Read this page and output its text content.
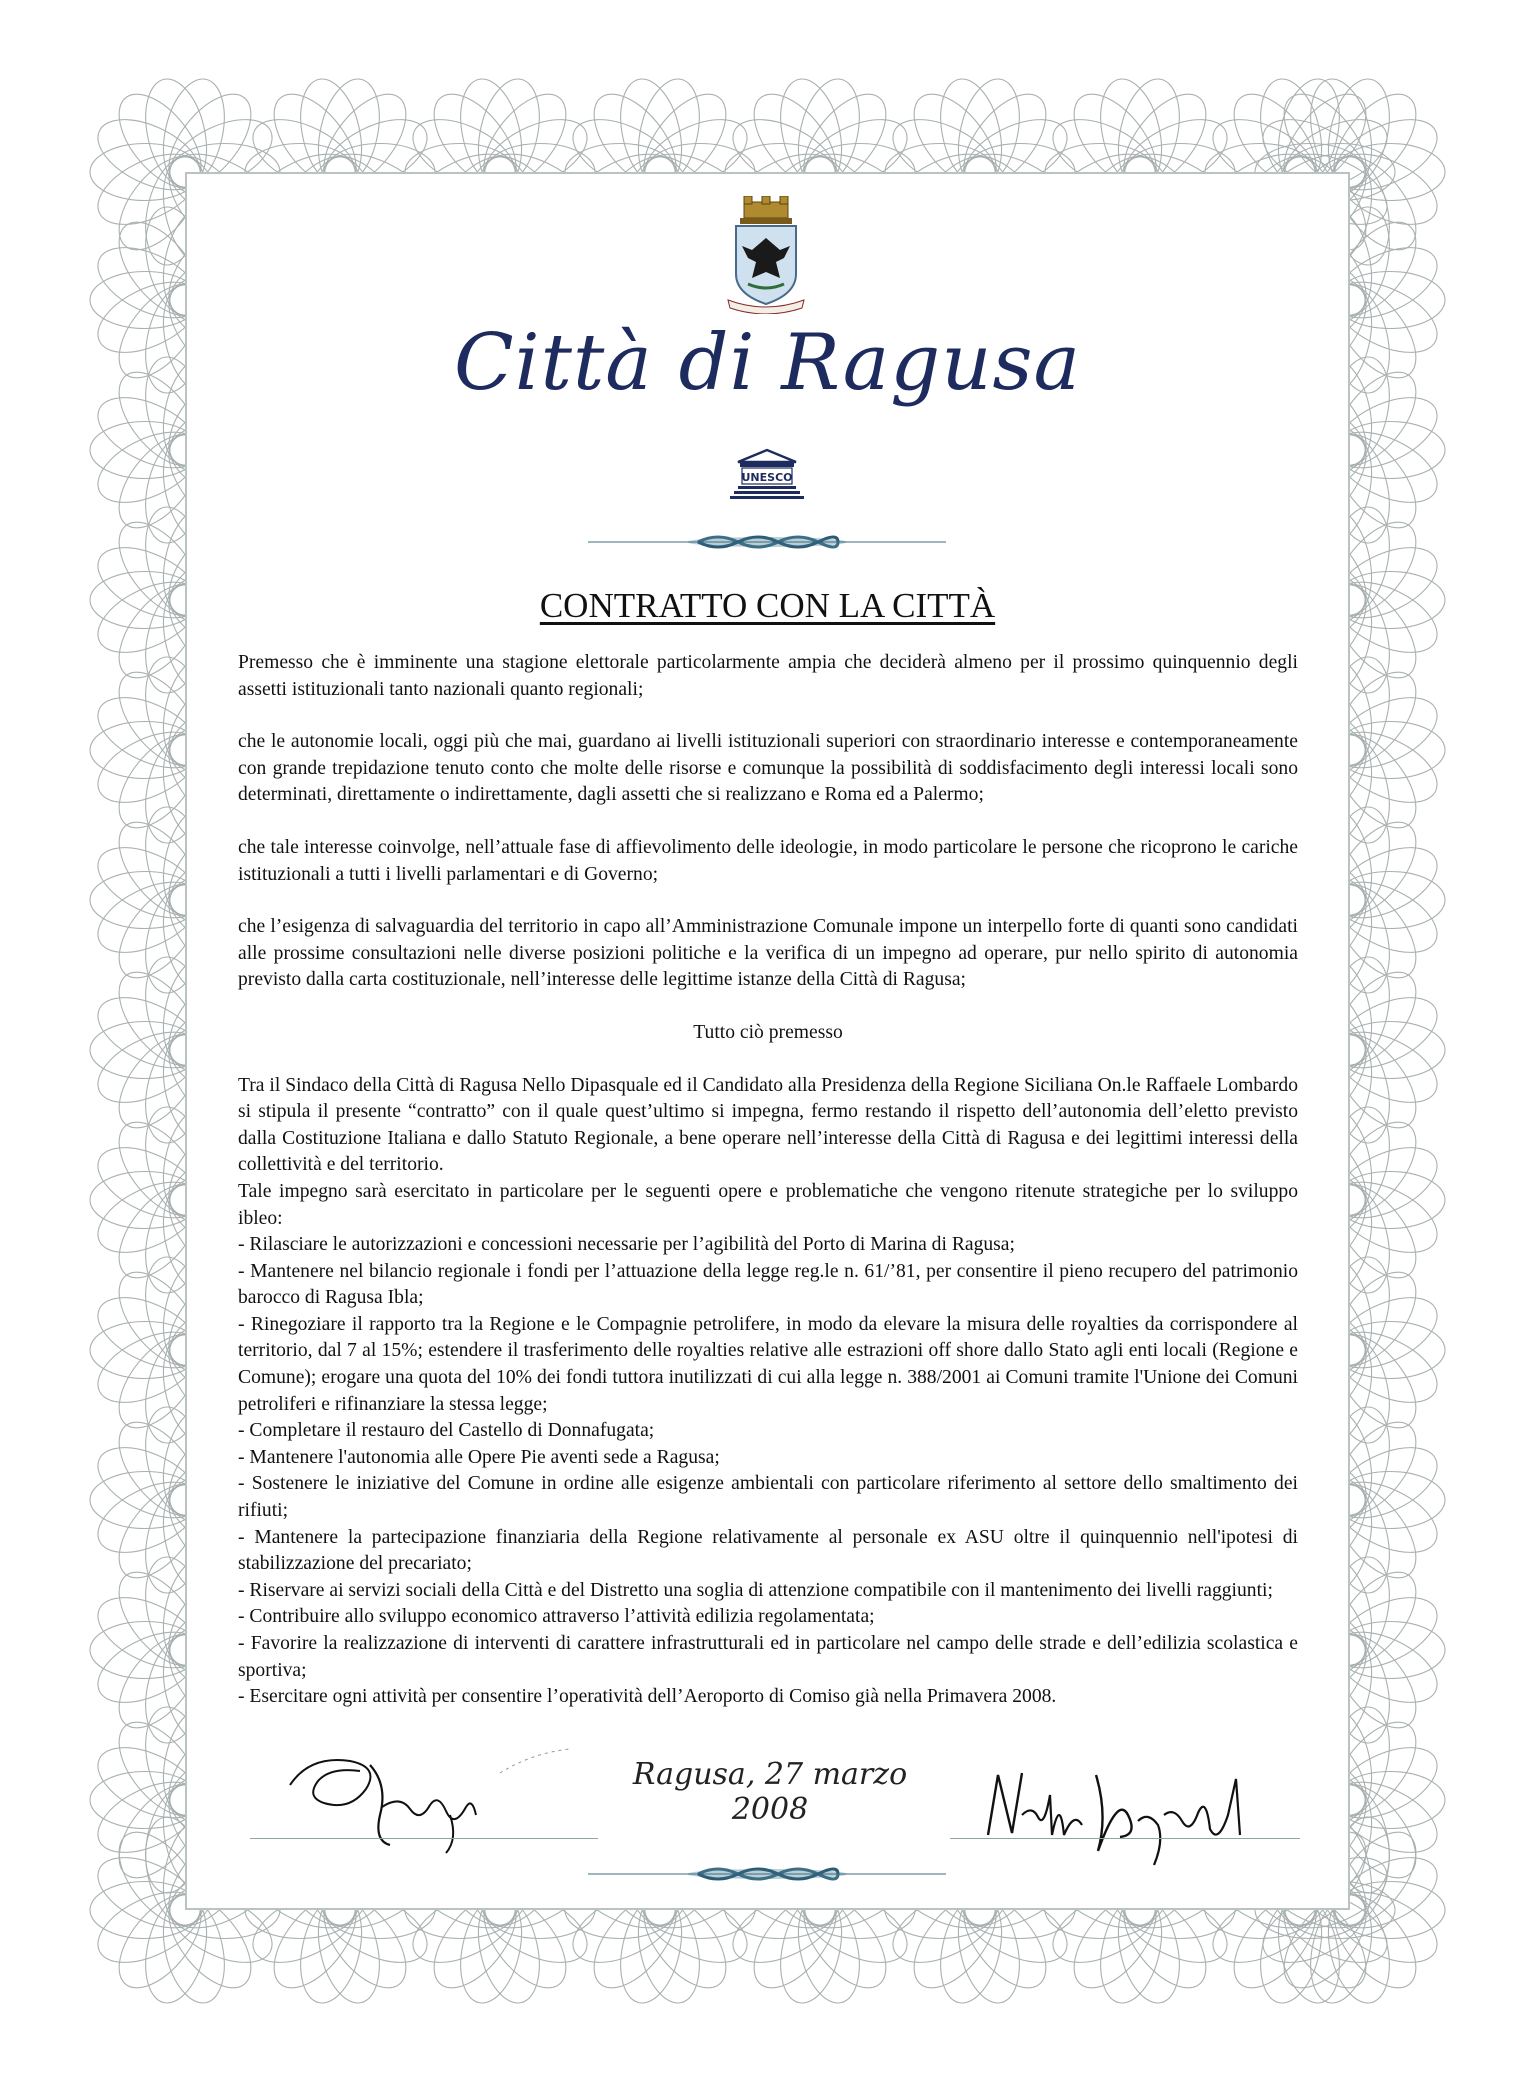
Città di Ragusa
UNESCO
CONTRATTO CON LA CITTÀ

Premesso che è imminente una stagione elettorale particolarmente ampia che deciderà almeno per il prossimo quinquennio degli assetti istituzionali tanto nazionali quanto regionali;

che le autonomie locali, oggi più che mai, guardano ai livelli istituzionali superiori con straordinario interesse e contemporaneamente con grande trepidazione tenuto conto che molte delle risorse e comunque la possibilità di soddisfacimento degli interessi locali sono determinati, direttamente o indirettamente, dagli assetti che si realizzano e Roma ed a Palermo;

che tale interesse coinvolge, nell’attuale fase di affievolimento delle ideologie, in modo particolare le persone che ricoprono le cariche istituzionali a tutti i livelli parlamentari e di Governo;

che l’esigenza di salvaguardia del territorio in capo all’Amministrazione Comunale impone un interpello forte di quanti sono candidati alle prossime consultazioni nelle diverse posizioni politiche e la verifica di un impegno ad operare, pur nello spirito di autonomia previsto dalla carta costituzionale, nell’interesse delle legittime istanze della Città di Ragusa;

Tutto ciò premesso

Tra il Sindaco della Città di Ragusa Nello Dipasquale ed il Candidato alla Presidenza della Regione Siciliana On.le Raffaele Lombardo si stipula il presente “contratto” con il quale quest’ultimo si impegna, fermo restando il rispetto dell’autonomia dell’eletto previsto dalla Costituzione Italiana e dallo Statuto Regionale, a bene operare nell’interesse della Città di Ragusa e dei legittimi interessi della collettività e del territorio.
Tale impegno sarà esercitato in particolare per le seguenti opere e problematiche che vengono ritenute strategiche per lo sviluppo ibleo:
- Rilasciare le autorizzazioni e concessioni necessarie per l’agibilità del Porto di Marina di Ragusa;
- Mantenere nel bilancio regionale i fondi per l’attuazione della legge reg.le n. 61/’81, per consentire il pieno recupero del patrimonio barocco di Ragusa Ibla;
- Rinegoziare il rapporto tra la Regione e le Compagnie petrolifere, in modo da elevare la misura delle royalties da corrispondere al territorio, dal 7 al 15%; estendere il trasferimento delle royalties relative alle estrazioni off shore dallo Stato agli enti locali (Regione e Comune); erogare una quota del 10% dei fondi tuttora inutilizzati di cui alla legge n. 388/2001 ai Comuni tramite l'Unione dei Comuni petroliferi e rifinanziare la stessa legge;
- Completare il restauro del Castello di Donnafugata;
- Mantenere l'autonomia alle Opere Pie aventi sede a Ragusa;
- Sostenere le iniziative del Comune in ordine alle esigenze ambientali con particolare riferimento al settore dello smaltimento dei rifiuti;
- Mantenere la partecipazione finanziaria della Regione relativamente al personale ex ASU oltre il quinquennio nell'ipotesi di stabilizzazione del precariato;
- Riservare ai servizi sociali della Città e del Distretto una soglia di attenzione compatibile con il mantenimento dei livelli raggiunti;
- Contribuire allo sviluppo economico attraverso l’attività edilizia regolamentata;
- Favorire la realizzazione di interventi di carattere infrastrutturali ed in particolare nel campo delle strade e dell’edilizia scolastica e sportiva;
- Esercitare ogni attività per consentire l’operatività dell’Aeroporto di Comiso già nella Primavera 2008.
Ragusa, 27 marzo 2008
